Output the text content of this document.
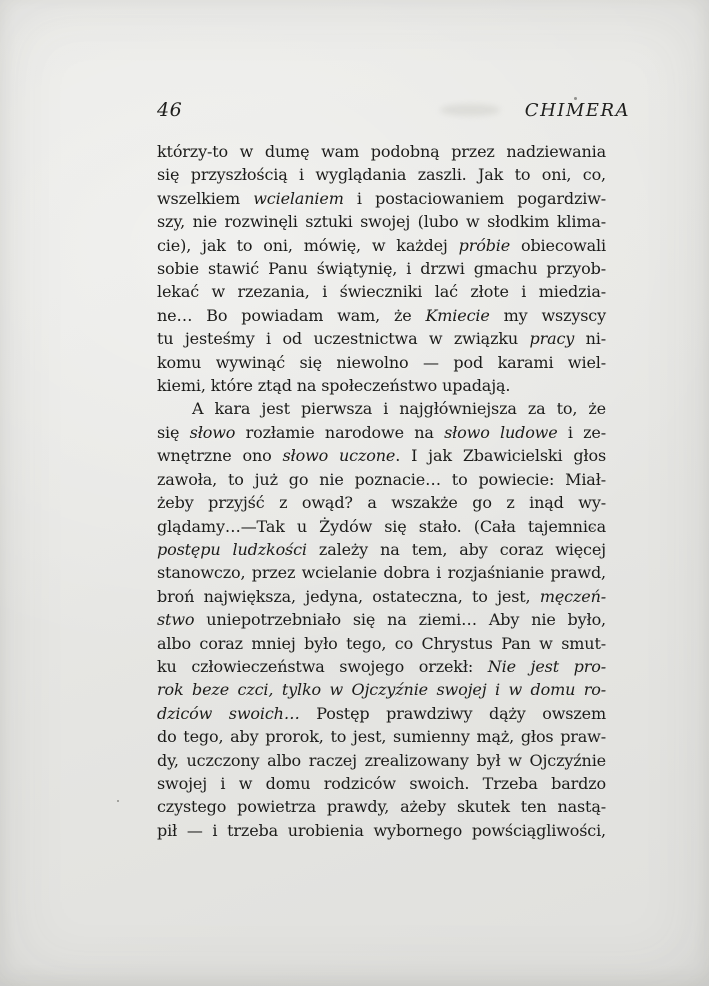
46	CHIMERA

którzy-to w dumę wam podobną przez nadziewania
się przyszłością i wyglądania zaszli. Jak to oni, co,
wszelkiem wcielaniem i postaciowaniem pogardziw-
szy, nie rozwinęli sztuki swojej (lubo w słodkim klima-
cie), jak to oni, mówię, w każdej próbie obiecowali
sobie stawić Panu świątynię, i drzwi gmachu przyob-
lekać w rzezania, i świeczniki lać złote i miedzia-
ne… Bo powiadam wam, że Kmiecie my wszyscy
tu jesteśmy i od uczestnictwa w związku pracy ni-
komu wywinąć się niewolno — pod karami wiel-
kiemi, które ztąd na społeczeństwo upadają.

A kara jest pierwsza i najgłówniejsza za to, że
się słowo rozłamie narodowe na słowo ludowe i ze-
wnętrzne ono słowo uczone. I jak Zbawicielski głos
zawoła, to już go nie poznacie… to powiecie: Miał-
żeby przyjść z owąd? a wszakże go z inąd wy-
glądamy…—Tak u Żydów się stało. (Cała tajemnica
postępu ludzkości zależy na tem, aby coraz więcej
stanowczo, przez wcielanie dobra i rozjaśnianie prawd,
broń największa, jedyna, ostateczna, to jest, męczeń-
stwo uniepotrzebniało się na ziemi… Aby nie było,
albo coraz mniej było tego, co Chrystus Pan w smut-
ku człowieczeństwa swojego orzekł: Nie jest pro-
rok beze czci, tylko w Ojczyźnie swojej i w domu ro-
dziców swoich… Postęp prawdziwy dąży owszem
do tego, aby prorok, to jest, sumienny mąż, głos praw-
dy, uczczony albo raczej zrealizowany był w Ojczyźnie
swojej i w domu rodziców swoich. Trzeba bardzo
czystego powietrza prawdy, ażeby skutek ten nastą-
pił — i trzeba urobienia wybornego powściągliwości,
